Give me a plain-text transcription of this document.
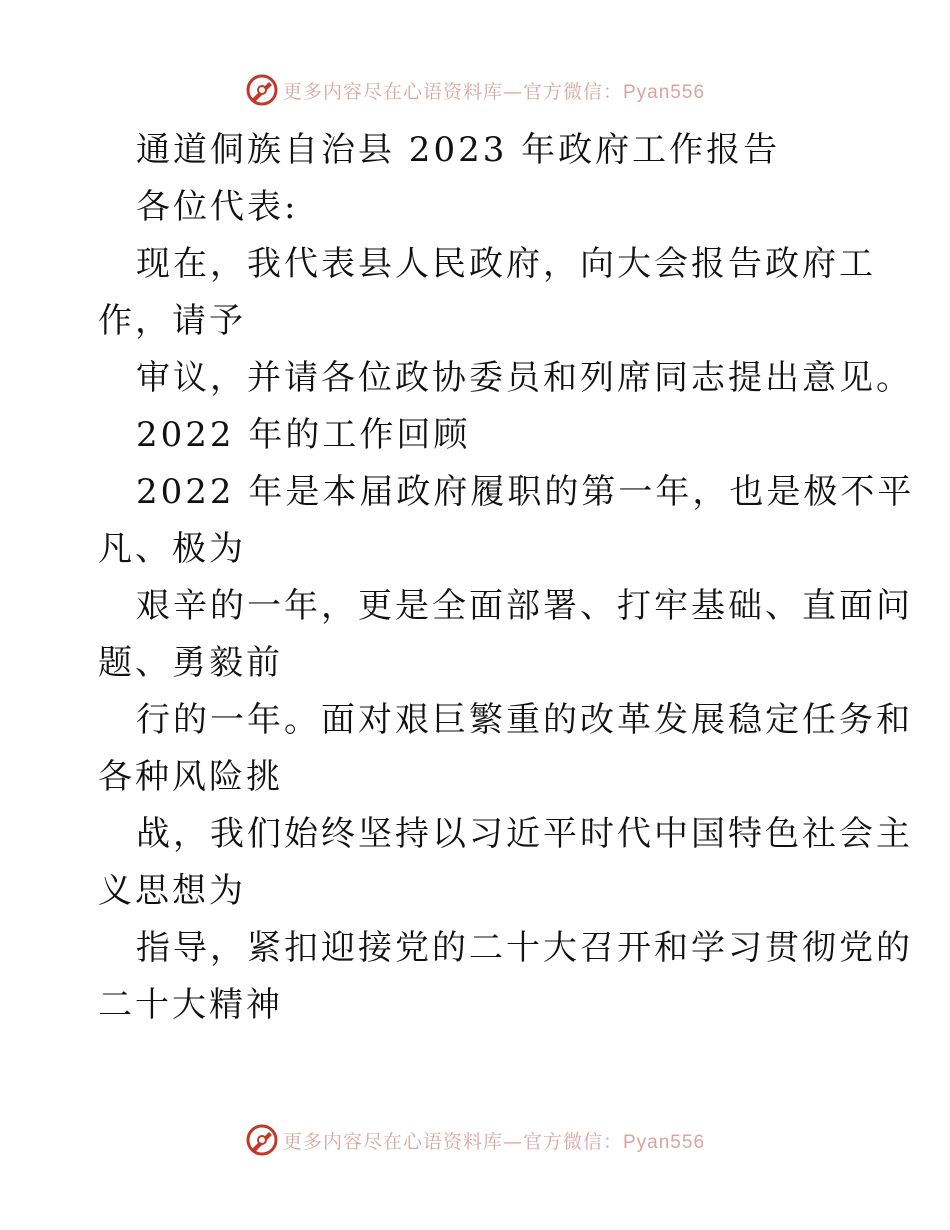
更多内容尽在心语资料库—官方微信：Pyan556
通道侗族自治县 2023 年政府工作报告
各位代表:
现在，我代表县人民政府，向大会报告政府工
作，请予
审议，并请各位政协委员和列席同志提出意见。
2022 年的工作回顾
2022 年是本届政府履职的第一年，也是极不平
凡、极为
艰辛的一年，更是全面部署、打牢基础、直面问
题、勇毅前
行的一年。面对艰巨繁重的改革发展稳定任务和
各种风险挑
战，我们始终坚持以习近平时代中国特色社会主
义思想为
指导，紧扣迎接党的二十大召开和学习贯彻党的
二十大精神
更多内容尽在心语资料库—官方微信：Pyan556
